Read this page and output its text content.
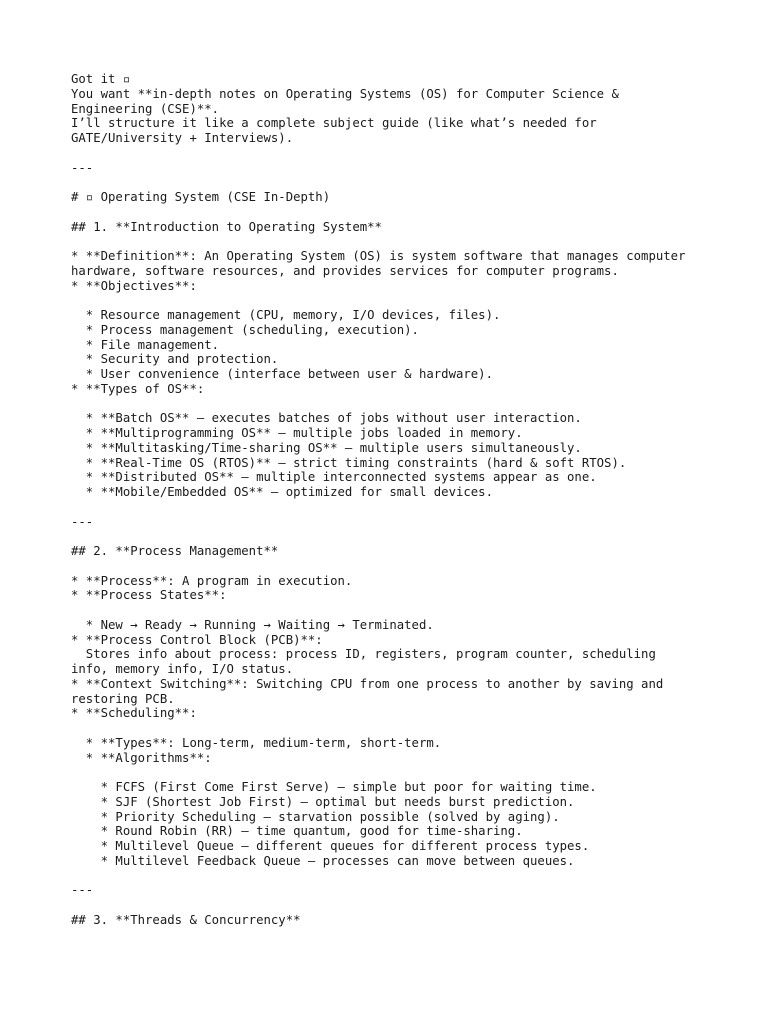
Got it ▫
You want **in-depth notes on Operating Systems (OS) for Computer Science &
Engineering (CSE)**.
I’ll structure it like a complete subject guide (like what’s needed for
GATE/University + Interviews).
---
# ▫ Operating System (CSE In-Depth)
## 1. **Introduction to Operating System**
* **Definition**: An Operating System (OS) is system software that manages computer
hardware, software resources, and provides services for computer programs.
* **Objectives**:
* Resource management (CPU, memory, I/O devices, files).
* Process management (scheduling, execution).
* File management.
* Security and protection.
* User convenience (interface between user & hardware).
* **Types of OS**:
* **Batch OS** – executes batches of jobs without user interaction.
* **Multiprogramming OS** – multiple jobs loaded in memory.
* **Multitasking/Time-sharing OS** – multiple users simultaneously.
* **Real-Time OS (RTOS)** – strict timing constraints (hard & soft RTOS).
* **Distributed OS** – multiple interconnected systems appear as one.
* **Mobile/Embedded OS** – optimized for small devices.
---
## 2. **Process Management**
* **Process**: A program in execution.
* **Process States**:
* New → Ready → Running → Waiting → Terminated.
* **Process Control Block (PCB)**:
Stores info about process: process ID, registers, program counter, scheduling
info, memory info, I/O status.
* **Context Switching**: Switching CPU from one process to another by saving and
restoring PCB.
* **Scheduling**:
* **Types**: Long-term, medium-term, short-term.
* **Algorithms**:
* FCFS (First Come First Serve) – simple but poor for waiting time.
* SJF (Shortest Job First) – optimal but needs burst prediction.
* Priority Scheduling – starvation possible (solved by aging).
* Round Robin (RR) – time quantum, good for time-sharing.
* Multilevel Queue – different queues for different process types.
* Multilevel Feedback Queue – processes can move between queues.
---
## 3. **Threads & Concurrency**
